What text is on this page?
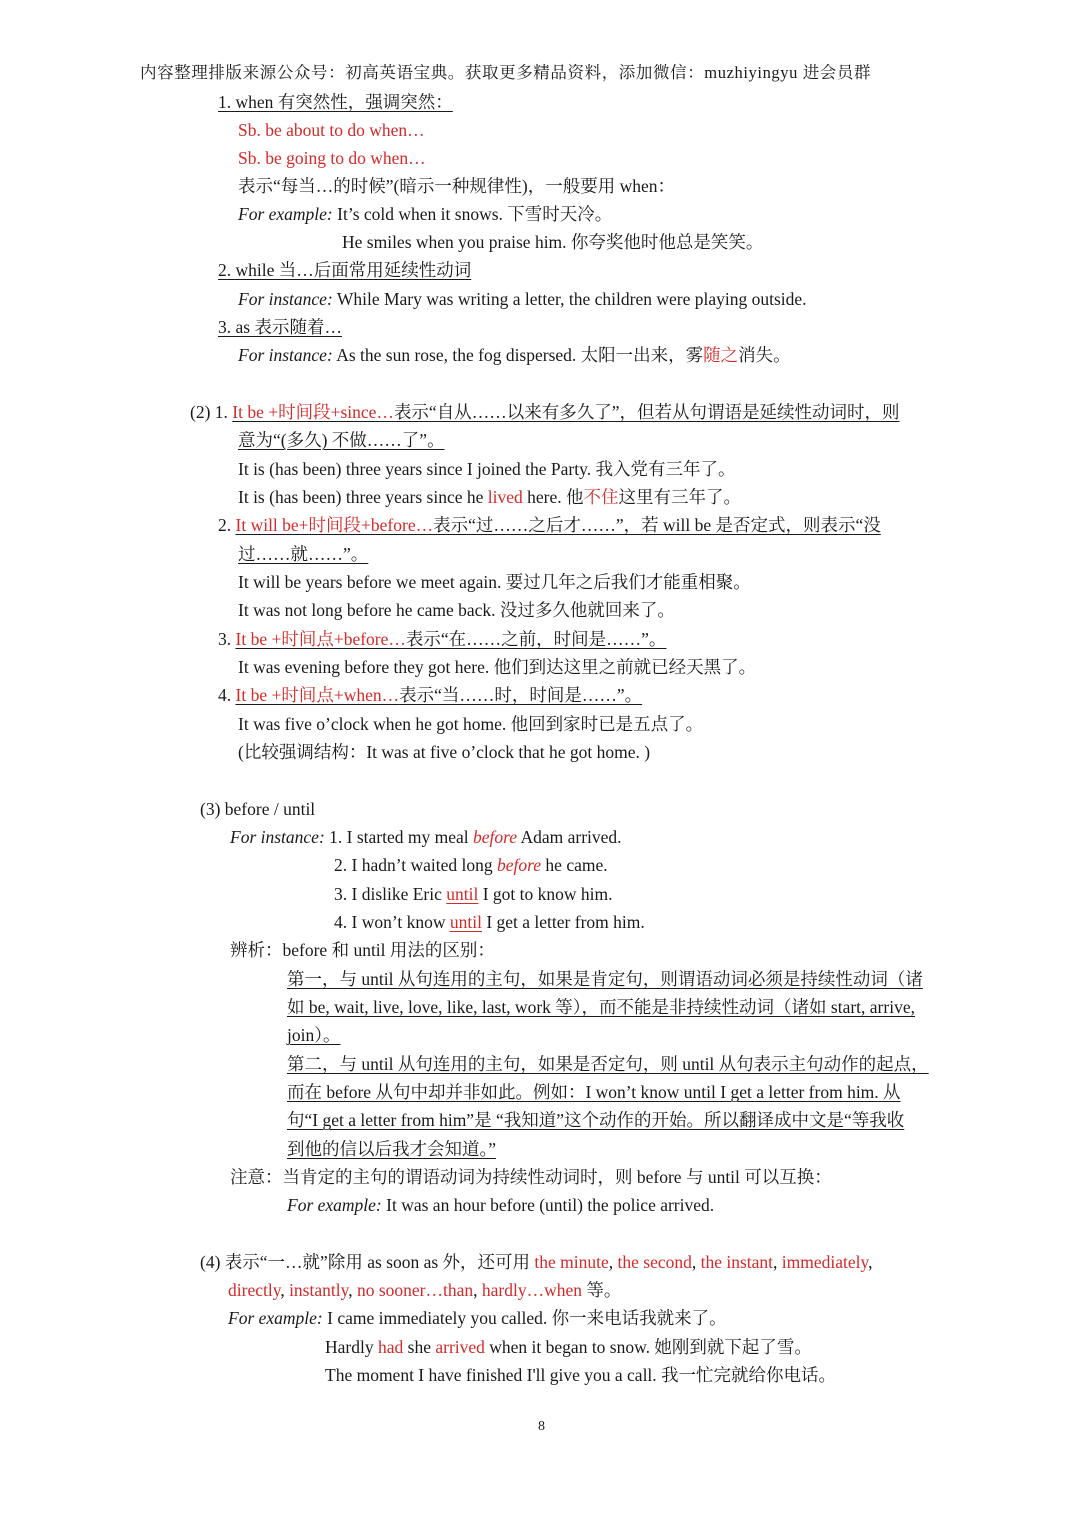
内容整理排版来源公众号：初高英语宝典。获取更多精品资料，添加微信：muzhiyingyu 进会员群
1. when 有突然性，强调突然：
Sb. be about to do when…
Sb. be going to do when…
表示“每当…的时候”(暗示一种规律性)，一般要用 when：
For example: It’s cold when it snows. 下雪时天冷。
He smiles when you praise him. 你夸奖他时他总是笑笑。
2. while 当…后面常用延续性动词
For instance: While Mary was writing a letter, the children were playing outside.
3. as 表示随着…
For instance: As the sun rose, the fog dispersed. 太阳一出来，雾随之消失。
(2) 1. It be +时间段+since…表示“自从……以来有多久了”，但若从句谓语是延续性动词时，则
意为“(多久) 不做……了”。
It is (has been) three years since I joined the Party. 我入党有三年了。
It is (has been) three years since he lived here. 他不住这里有三年了。
2. It will be+时间段+before…表示“过……之后才……”，若 will be 是否定式，则表示“没
过……就……”。
It will be years before we meet again. 要过几年之后我们才能重相聚。
It was not long before he came back. 没过多久他就回来了。
3. It be +时间点+before…表示“在……之前，时间是……”。
It was evening before they got here. 他们到达这里之前就已经天黑了。
4. It be +时间点+when…表示“当……时，时间是……”。
It was five o’clock when he got home. 他回到家时已是五点了。
(比较强调结构：It was at five o’clock that he got home. )
(3) before / until
For instance: 1. I started my meal before Adam arrived.
2. I hadn’t waited long before he came.
3. I dislike Eric until I got to know him.
4. I won’t know until I get a letter from him.
辨析：before 和 until 用法的区别：
第一，与 until 从句连用的主句，如果是肯定句，则谓语动词必须是持续性动词（诸
如 be, wait, live, love, like, last, work 等），而不能是非持续性动词（诸如 start, arrive,
join）。
第二，与 until 从句连用的主句，如果是否定句，则 until 从句表示主句动作的起点，
而在 before 从句中却并非如此。例如：I won’t know until I get a letter from him. 从
句“I get a letter from him”是 “我知道”这个动作的开始。所以翻译成中文是“等我收
到他的信以后我才会知道。”
注意：当肯定的主句的谓语动词为持续性动词时，则 before 与 until 可以互换：
For example: It was an hour before (until) the police arrived.
(4) 表示“一…就”除用 as soon as 外，还可用 the minute, the second, the instant, immediately,
directly, instantly, no sooner…than, hardly…when 等。
For example: I came immediately you called. 你一来电话我就来了。
Hardly had she arrived when it began to snow. 她刚到就下起了雪。
The moment I have finished I'll give you a call. 我一忙完就给你电话。
8
